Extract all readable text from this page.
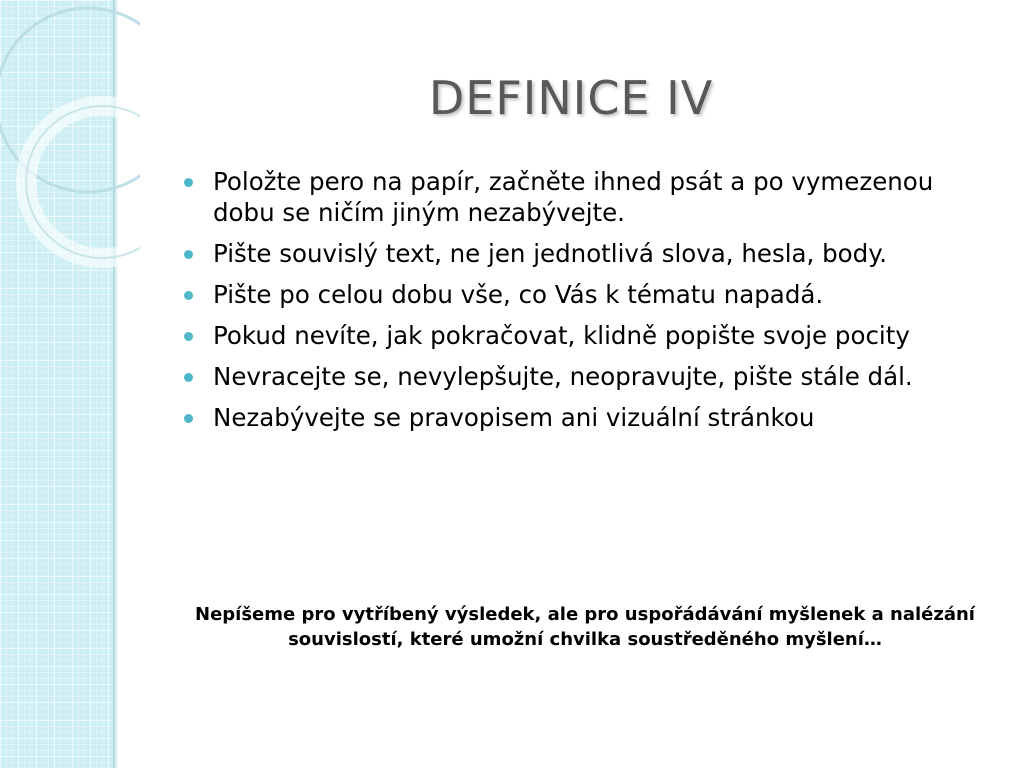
DEFINICE IV
Položte pero na papír, začněte ihned psát a po vymezenou dobu se ničím jiným nezabývejte.
Pište souvislý text, ne jen jednotlivá slova, hesla, body.
Pište po celou dobu vše, co Vás k tématu napadá.
Pokud nevíte, jak pokračovat, klidně popište svoje pocity
Nevracejte se, nevylepšujte, neopravujte, pište stále dál.
Nezabývejte se pravopisem ani vizuální stránkou

Nepíšeme pro vytříbený výsledek, ale pro uspořádávání myšlenek a nalézání souvislostí, které umožní chvilka soustředěného myšlení…
